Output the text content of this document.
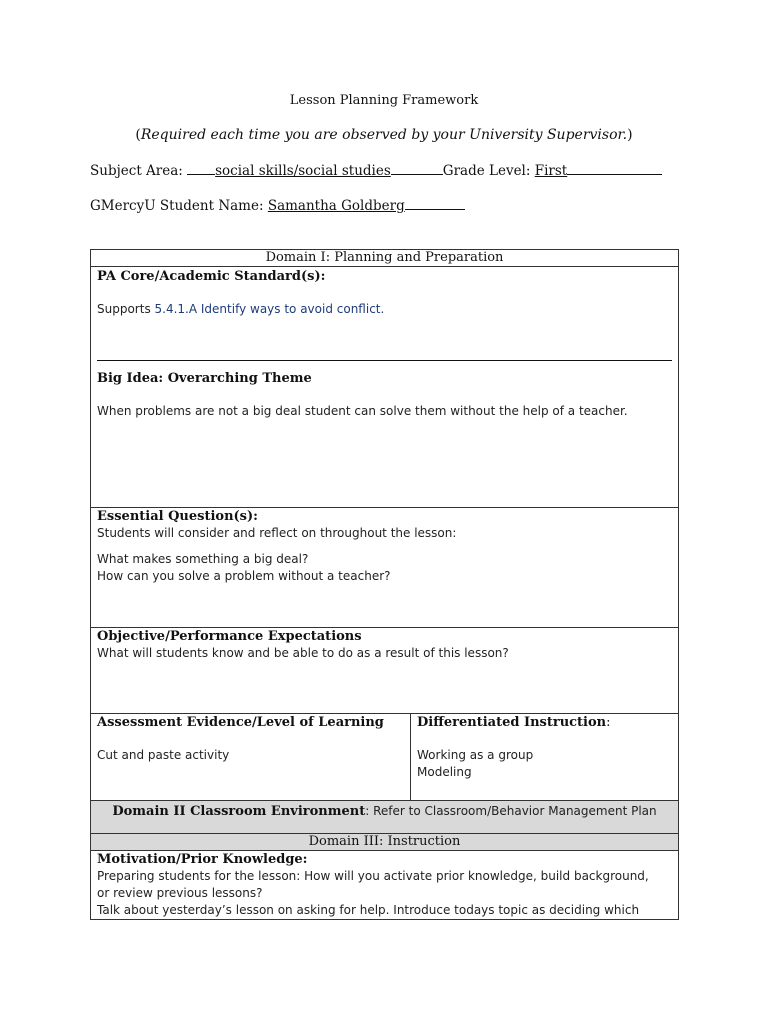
Lesson Planning Framework
(Required each time you are observed by your University Supervisor.)
Subject Area: social skills/social studies	Grade Level: First
GMercyU Student Name: Samantha Goldberg
Domain I: Planning and Preparation

PA Core/Academic Standard(s):
Supports 5.4.1.A Identify ways to avoid conflict.
Big Idea: Overarching Theme
When problems are not a big deal student can solve them without the help of a teacher.

Essential Question(s):
Students will consider and reflect on throughout the lesson:
What makes something a big deal?
How can you solve a problem without a teacher?

Objective/Performance Expectations
What will students know and be able to do as a result of this lesson?

Assessment Evidence/Level of Learning
Cut and paste activity

Differentiated Instruction:
Working as a group
Modeling

Domain II Classroom Environment: Refer to Classroom/Behavior Management Plan

Domain III: Instruction

Motivation/Prior Knowledge:
Preparing students for the lesson: How will you activate prior knowledge, build background,
or review previous lessons?
Talk about yesterday’s lesson on asking for help. Introduce todays topic as deciding which
